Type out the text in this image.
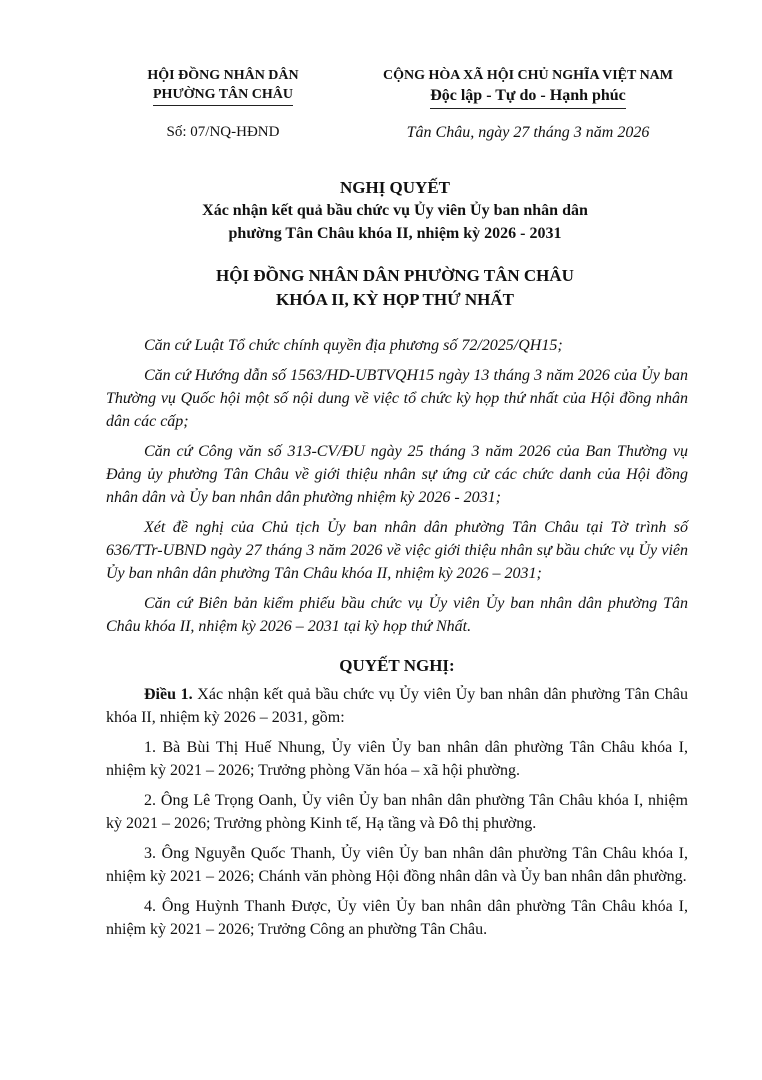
HỘI ĐỒNG NHÂN DÂN
PHƯỜNG TÂN CHÂU
CỘNG HÒA XÃ HỘI CHỦ NGHĨA VIỆT NAM
Độc lập - Tự do - Hạnh phúc
Số: 07/NQ-HĐND	Tân Châu, ngày 27 tháng 3 năm 2026
NGHỊ QUYẾT
Xác nhận kết quả bầu chức vụ Ủy viên Ủy ban nhân dân
phường Tân Châu khóa II, nhiệm kỳ 2026 - 2031
HỘI ĐỒNG NHÂN DÂN PHƯỜNG TÂN CHÂU
KHÓA II, KỲ HỌP THỨ NHẤT

Căn cứ Luật Tổ chức chính quyền địa phương số 72/2025/QH15;

Căn cứ Hướng dẫn số 1563/HD-UBTVQH15 ngày 13 tháng 3 năm 2026 của Ủy ban Thường vụ Quốc hội một số nội dung về việc tổ chức kỳ họp thứ nhất của Hội đồng nhân dân các cấp;

Căn cứ Công văn số 313-CV/ĐU ngày 25 tháng 3 năm 2026 của Ban Thường vụ Đảng ủy phường Tân Châu về giới thiệu nhân sự ứng cử các chức danh của Hội đồng nhân dân và Ủy ban nhân dân phường nhiệm kỳ 2026 - 2031;

Xét đề nghị của Chủ tịch Ủy ban nhân dân phường Tân Châu tại Tờ trình số 636/TTr-UBND ngày 27 tháng 3 năm 2026 về việc giới thiệu nhân sự bầu chức vụ Ủy viên Ủy ban nhân dân phường Tân Châu khóa II, nhiệm kỳ 2026 – 2031;

Căn cứ Biên bản kiểm phiếu bầu chức vụ Ủy viên Ủy ban nhân dân phường Tân Châu khóa II, nhiệm kỳ 2026 – 2031 tại kỳ họp thứ Nhất.

QUYẾT NGHỊ:

Điều 1. Xác nhận kết quả bầu chức vụ Ủy viên Ủy ban nhân dân phường Tân Châu khóa II, nhiệm kỳ 2026 – 2031, gồm:

1. Bà Bùi Thị Huế Nhung, Ủy viên Ủy ban nhân dân phường Tân Châu khóa I, nhiệm kỳ 2021 – 2026; Trưởng phòng Văn hóa – xã hội phường.

2. Ông Lê Trọng Oanh, Ủy viên Ủy ban nhân dân phường Tân Châu khóa I, nhiệm kỳ 2021 – 2026; Trưởng phòng Kinh tế, Hạ tầng và Đô thị phường.

3. Ông Nguyễn Quốc Thanh, Ủy viên Ủy ban nhân dân phường Tân Châu khóa I, nhiệm kỳ 2021 – 2026; Chánh văn phòng Hội đồng nhân dân và Ủy ban nhân dân phường.

4. Ông Huỳnh Thanh Được, Ủy viên Ủy ban nhân dân phường Tân Châu khóa I, nhiệm kỳ 2021 – 2026; Trưởng Công an phường Tân Châu.
